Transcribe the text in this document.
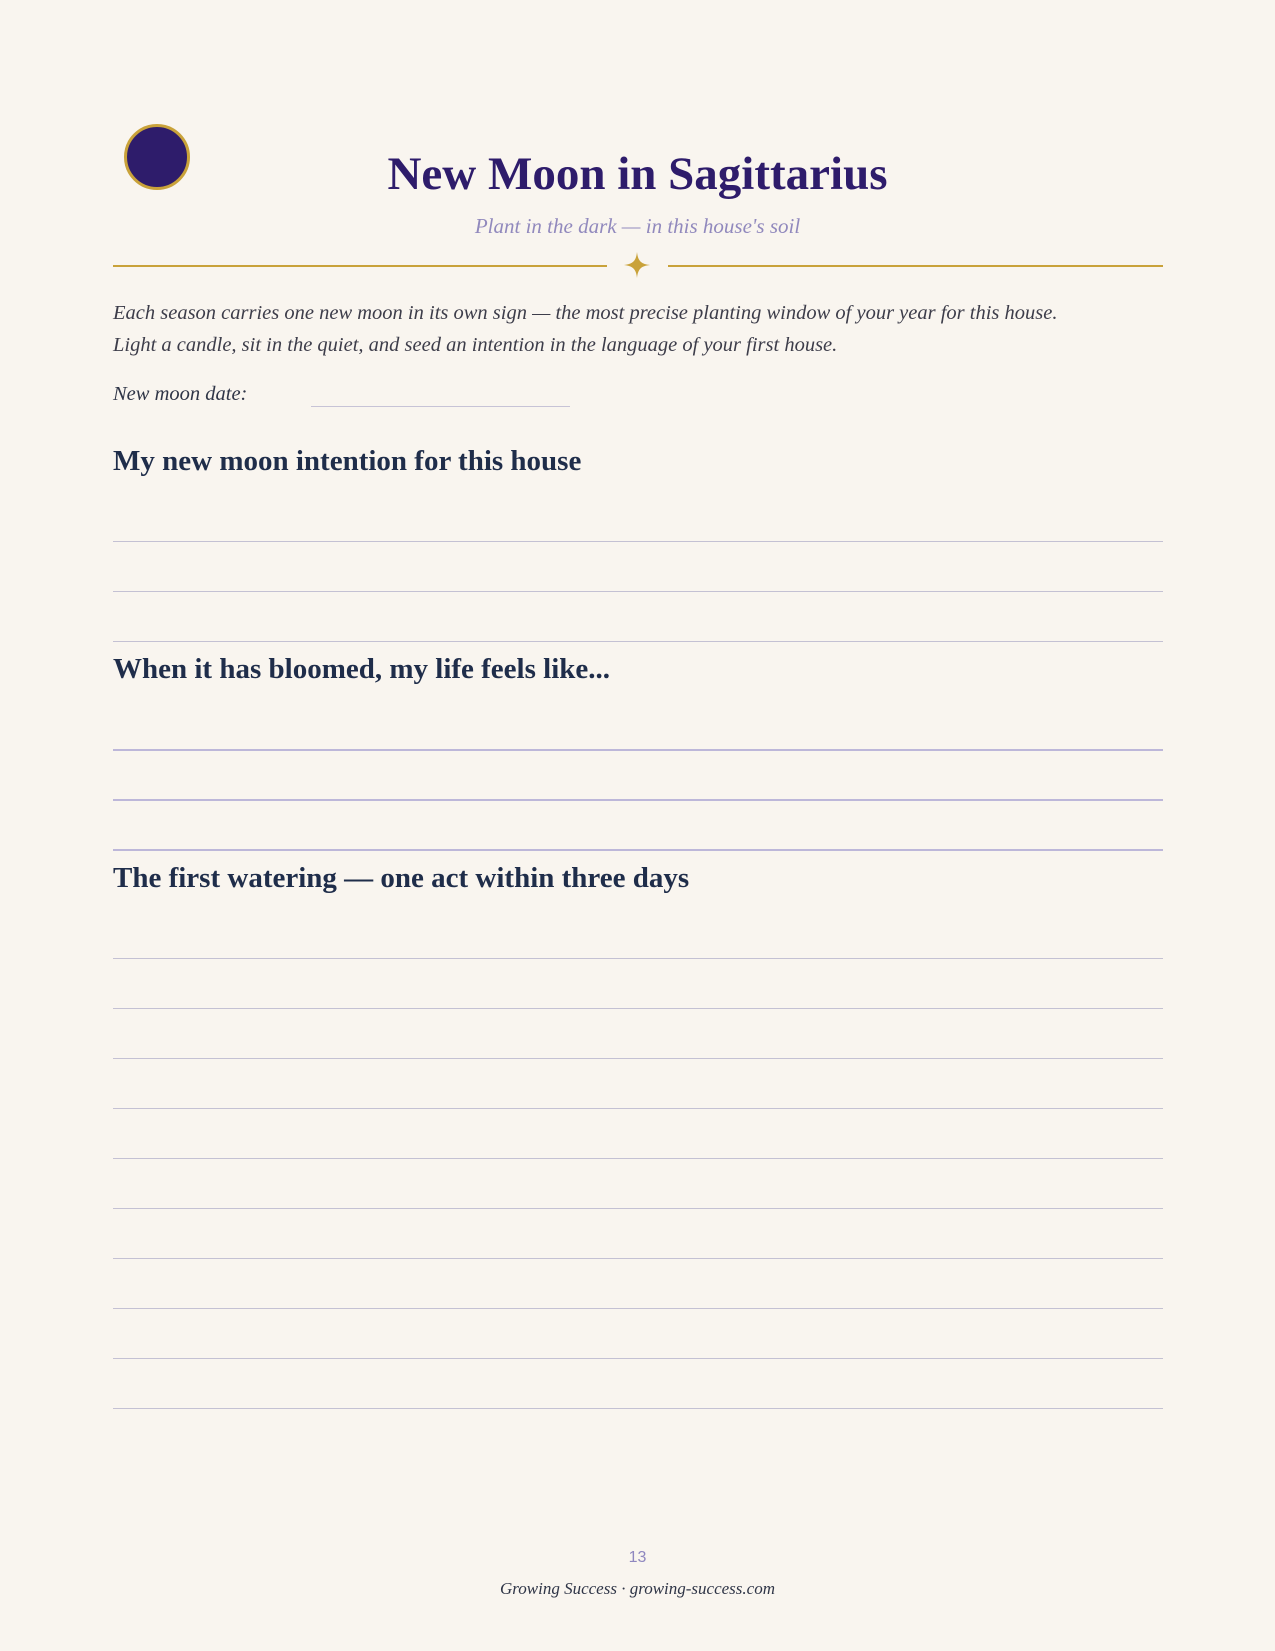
New Moon in Sagittarius
Plant in the dark — in this house's soil
Each season carries one new moon in its own sign — the most precise planting window of your year for this house.
Light a candle, sit in the quiet, and seed an intention in the language of your first house.
New moon date:
My new moon intention for this house
When it has bloomed, my life feels like...
The first watering — one act within three days
13
Growing Success · growing-success.com
